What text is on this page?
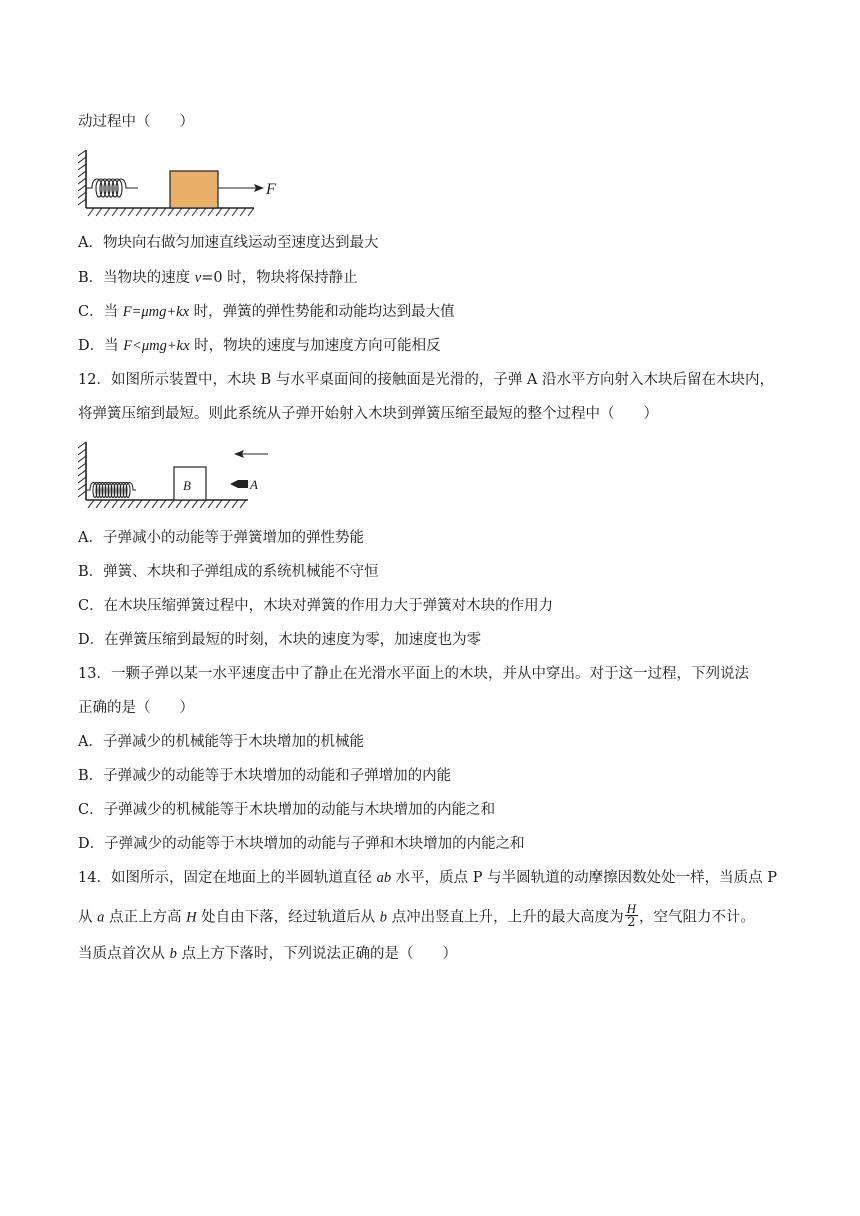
动过程中（　　）
F
A．物块向右做匀加速直线运动至速度达到最大
B．当物块的速度 v=0 时，物块将保持静止
C．当 F=μmg+kx 时，弹簧的弹性势能和动能均达到最大值
D．当 F<μmg+kx 时，物块的速度与加速度方向可能相反
12．如图所示装置中，木块 B 与水平桌面间的接触面是光滑的，子弹 A 沿水平方向射入木块后留在木块内，
将弹簧压缩到最短。则此系统从子弹开始射入木块到弹簧压缩至最短的整个过程中（　　）
B	A
A．子弹减小的动能等于弹簧增加的弹性势能
B．弹簧、木块和子弹组成的系统机械能不守恒
C．在木块压缩弹簧过程中，木块对弹簧的作用力大于弹簧对木块的作用力
D．在弹簧压缩到最短的时刻，木块的速度为零，加速度也为零
13．一颗子弹以某一水平速度击中了静止在光滑水平面上的木块，并从中穿出。对于这一过程，下列说法
正确的是（　　）
A．子弹减少的机械能等于木块增加的机械能
B．子弹减少的动能等于木块增加的动能和子弹增加的内能
C．子弹减少的机械能等于木块增加的动能与木块增加的内能之和
D．子弹减少的动能等于木块增加的动能与子弹和木块增加的内能之和
14．如图所示，固定在地面上的半圆轨道直径 ab 水平，质点 P 与半圆轨道的动摩擦因数处处一样，当质点 P
从 a 点正上方高 H 处自由下落，经过轨道后从 b 点冲出竖直上升，上升的最大高度为 $\frac{H}{2}$ ，空气阻力不计。
当质点首次从 b 点上方下落时，下列说法正确的是（　　）
